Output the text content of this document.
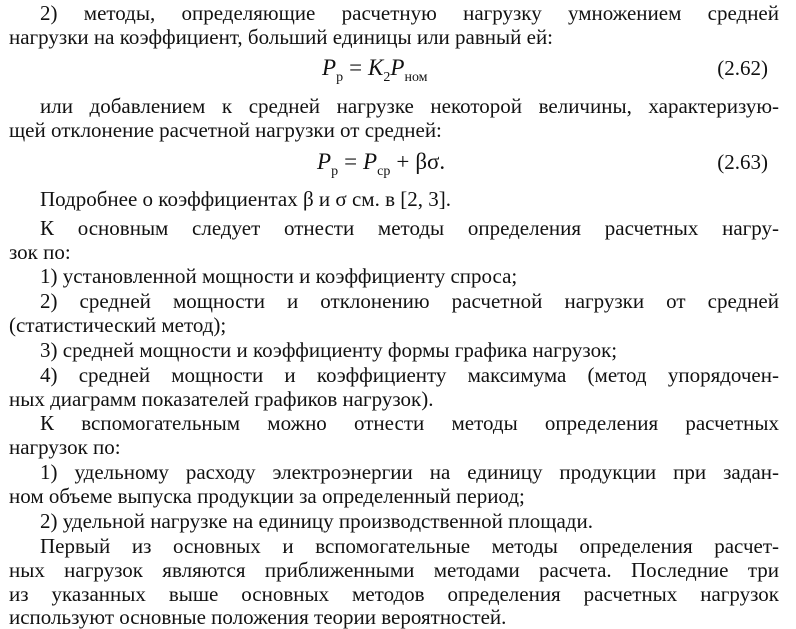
2) методы, определяющие расчетную нагрузку умножением средней
нагрузки на коэффициент, больший единицы или равный ей:
$P_р = K_2P_{ном}$	(2.62)
или добавлением к средней нагрузке некоторой величины, характеризую-
щей отклонение расчетной нагрузки от средней:
$P_р = P_{ср} + \beta\sigma$.	(2.63)
Подробнее о коэффициентах β и σ см. в [2, 3].
К основным следует отнести методы определения расчетных нагру-
зок по:
1) установленной мощности и коэффициенту спроса;
2) средней мощности и отклонению расчетной нагрузки от средней
(статистический метод);
3) средней мощности и коэффициенту формы графика нагрузок;
4) средней мощности и коэффициенту максимума (метод упорядочен-
ных диаграмм показателей графиков нагрузок).
К вспомогательным можно отнести методы определения расчетных
нагрузок по:
1) удельному расходу электроэнергии на единицу продукции при задан-
ном объеме выпуска продукции за определенный период;
2) удельной нагрузке на единицу производственной площади.
Первый из основных и вспомогательные методы определения расчет-
ных нагрузок являются приближенными методами расчета. Последние три
из указанных выше основных методов определения расчетных нагрузок
используют основные положения теории вероятностей.
